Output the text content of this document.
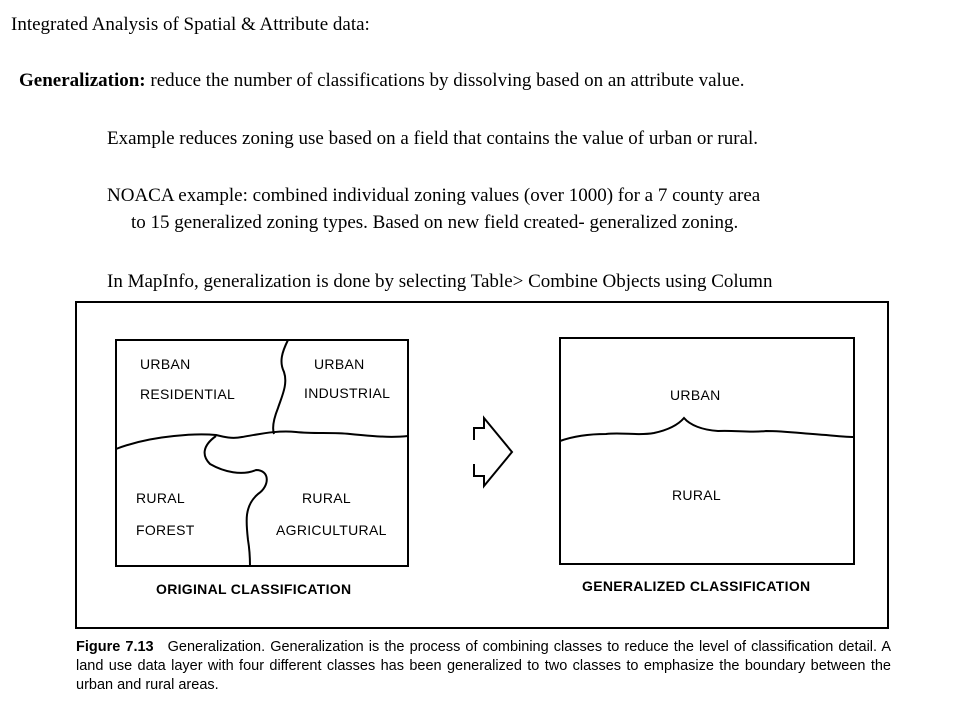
Integrated Analysis of Spatial & Attribute data:
Generalization: reduce the number of classifications by dissolving based on an attribute value.
Example reduces zoning use based on a field that contains the value of urban or rural.
NOACA example: combined individual zoning values (over 1000) for a 7 county area
to 15 generalized zoning types. Based on new field created- generalized zoning.
In MapInfo, generalization is done by selecting Table> Combine Objects using Column
URBAN
RESIDENTIAL
URBAN
INDUSTRIAL
RURAL
FOREST
RURAL
AGRICULTURAL
ORIGINAL CLASSIFICATION
URBAN
RURAL
GENERALIZED CLASSIFICATION
Figure 7.13 Generalization. Generalization is the process of combining classes to reduce the level of classification detail. A land use data layer with four different classes has been generalized to two classes to emphasize the boundary between the urban and rural areas.
